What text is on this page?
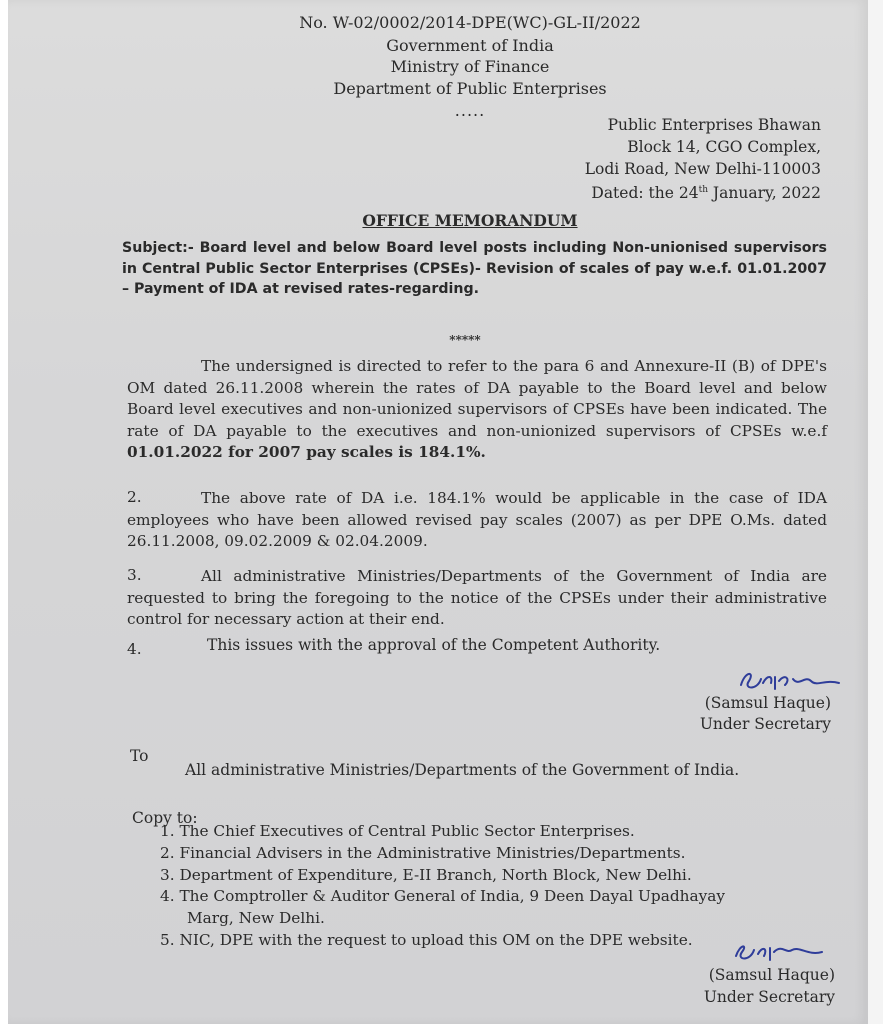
No. W-02/0002/2014-DPE(WC)-GL-II/2022
Government of India
Ministry of Finance
Department of Public Enterprises
.....
Public Enterprises Bhawan
Block 14, CGO Complex,
Lodi Road, New Delhi-110003
Dated: the 24th January, 2022
OFFICE MEMORANDUM
Subject:- Board level and below Board level posts including Non-unionised supervisors in Central Public Sector Enterprises (CPSEs)- Revision of scales of pay w.e.f. 01.01.2007 – Payment of IDA at revised rates-regarding.
*****
The undersigned is directed to refer to the para 6 and Annexure-II (B) of DPE's OM dated 26.11.2008 wherein the rates of DA payable to the Board level and below Board level executives and non-unionized supervisors of CPSEs have been indicated. The rate of DA payable to the executives and non-unionized supervisors of CPSEs w.e.f 01.01.2022 for 2007 pay scales is 184.1%.
2.	The above rate of DA i.e. 184.1% would be applicable in the case of IDA employees who have been allowed revised pay scales (2007) as per DPE O.Ms. dated 26.11.2008, 09.02.2009 & 02.04.2009.
3.	All administrative Ministries/Departments of the Government of India are requested to bring the foregoing to the notice of the CPSEs under their administrative control for necessary action at their end.
4.	This issues with the approval of the Competent Authority.
(Samsul Haque)
Under Secretary
To
All administrative Ministries/Departments of the Government of India.
Copy to:
1. The Chief Executives of Central Public Sector Enterprises.
2. Financial Advisers in the Administrative Ministries/Departments.
3. Department of Expenditure, E-II Branch, North Block, New Delhi.
4. The Comptroller & Auditor General of India, 9 Deen Dayal Upadhayay
Marg, New Delhi.
5. NIC, DPE with the request to upload this OM on the DPE website.
(Samsul Haque)
Under Secretary
